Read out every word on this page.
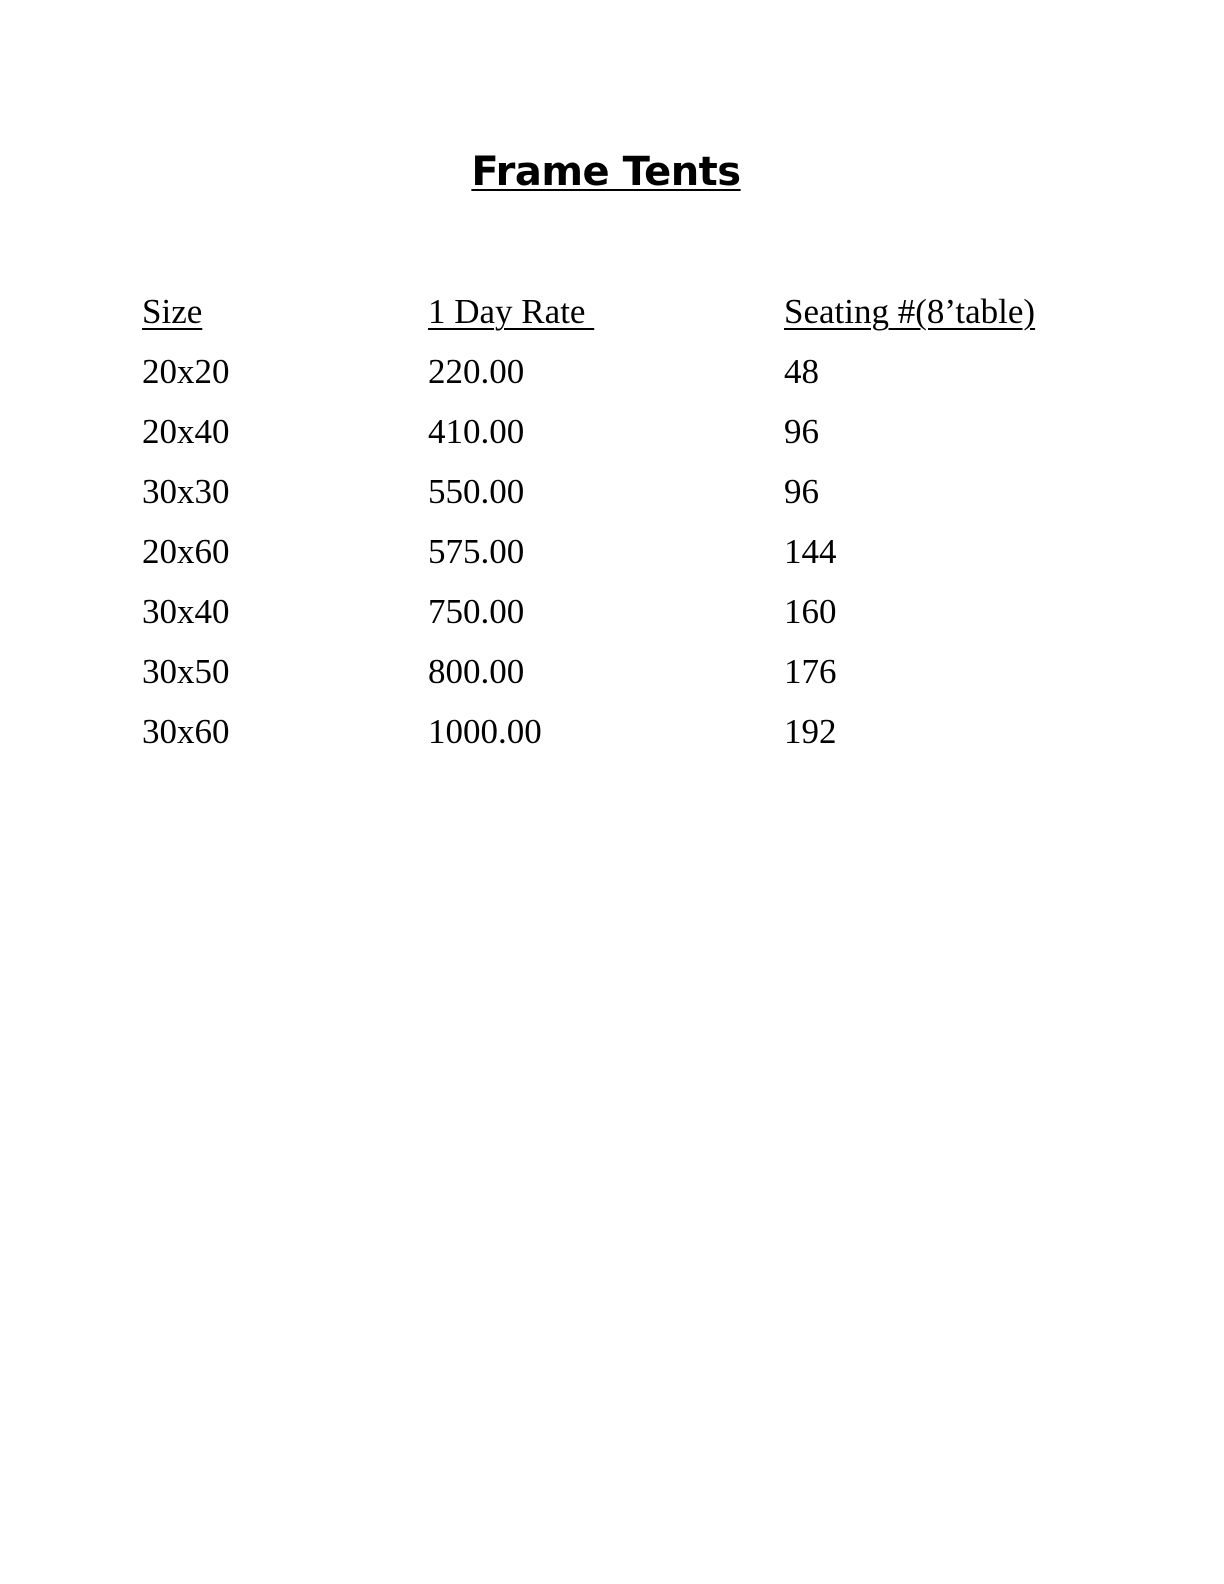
Frame Tents
Size	1 Day Rate	Seating #(8’table)
20x20	220.00	48
20x40	410.00	96
30x30	550.00	96
20x60	575.00	144
30x40	750.00	160
30x50	800.00	176
30x60	1000.00	192
